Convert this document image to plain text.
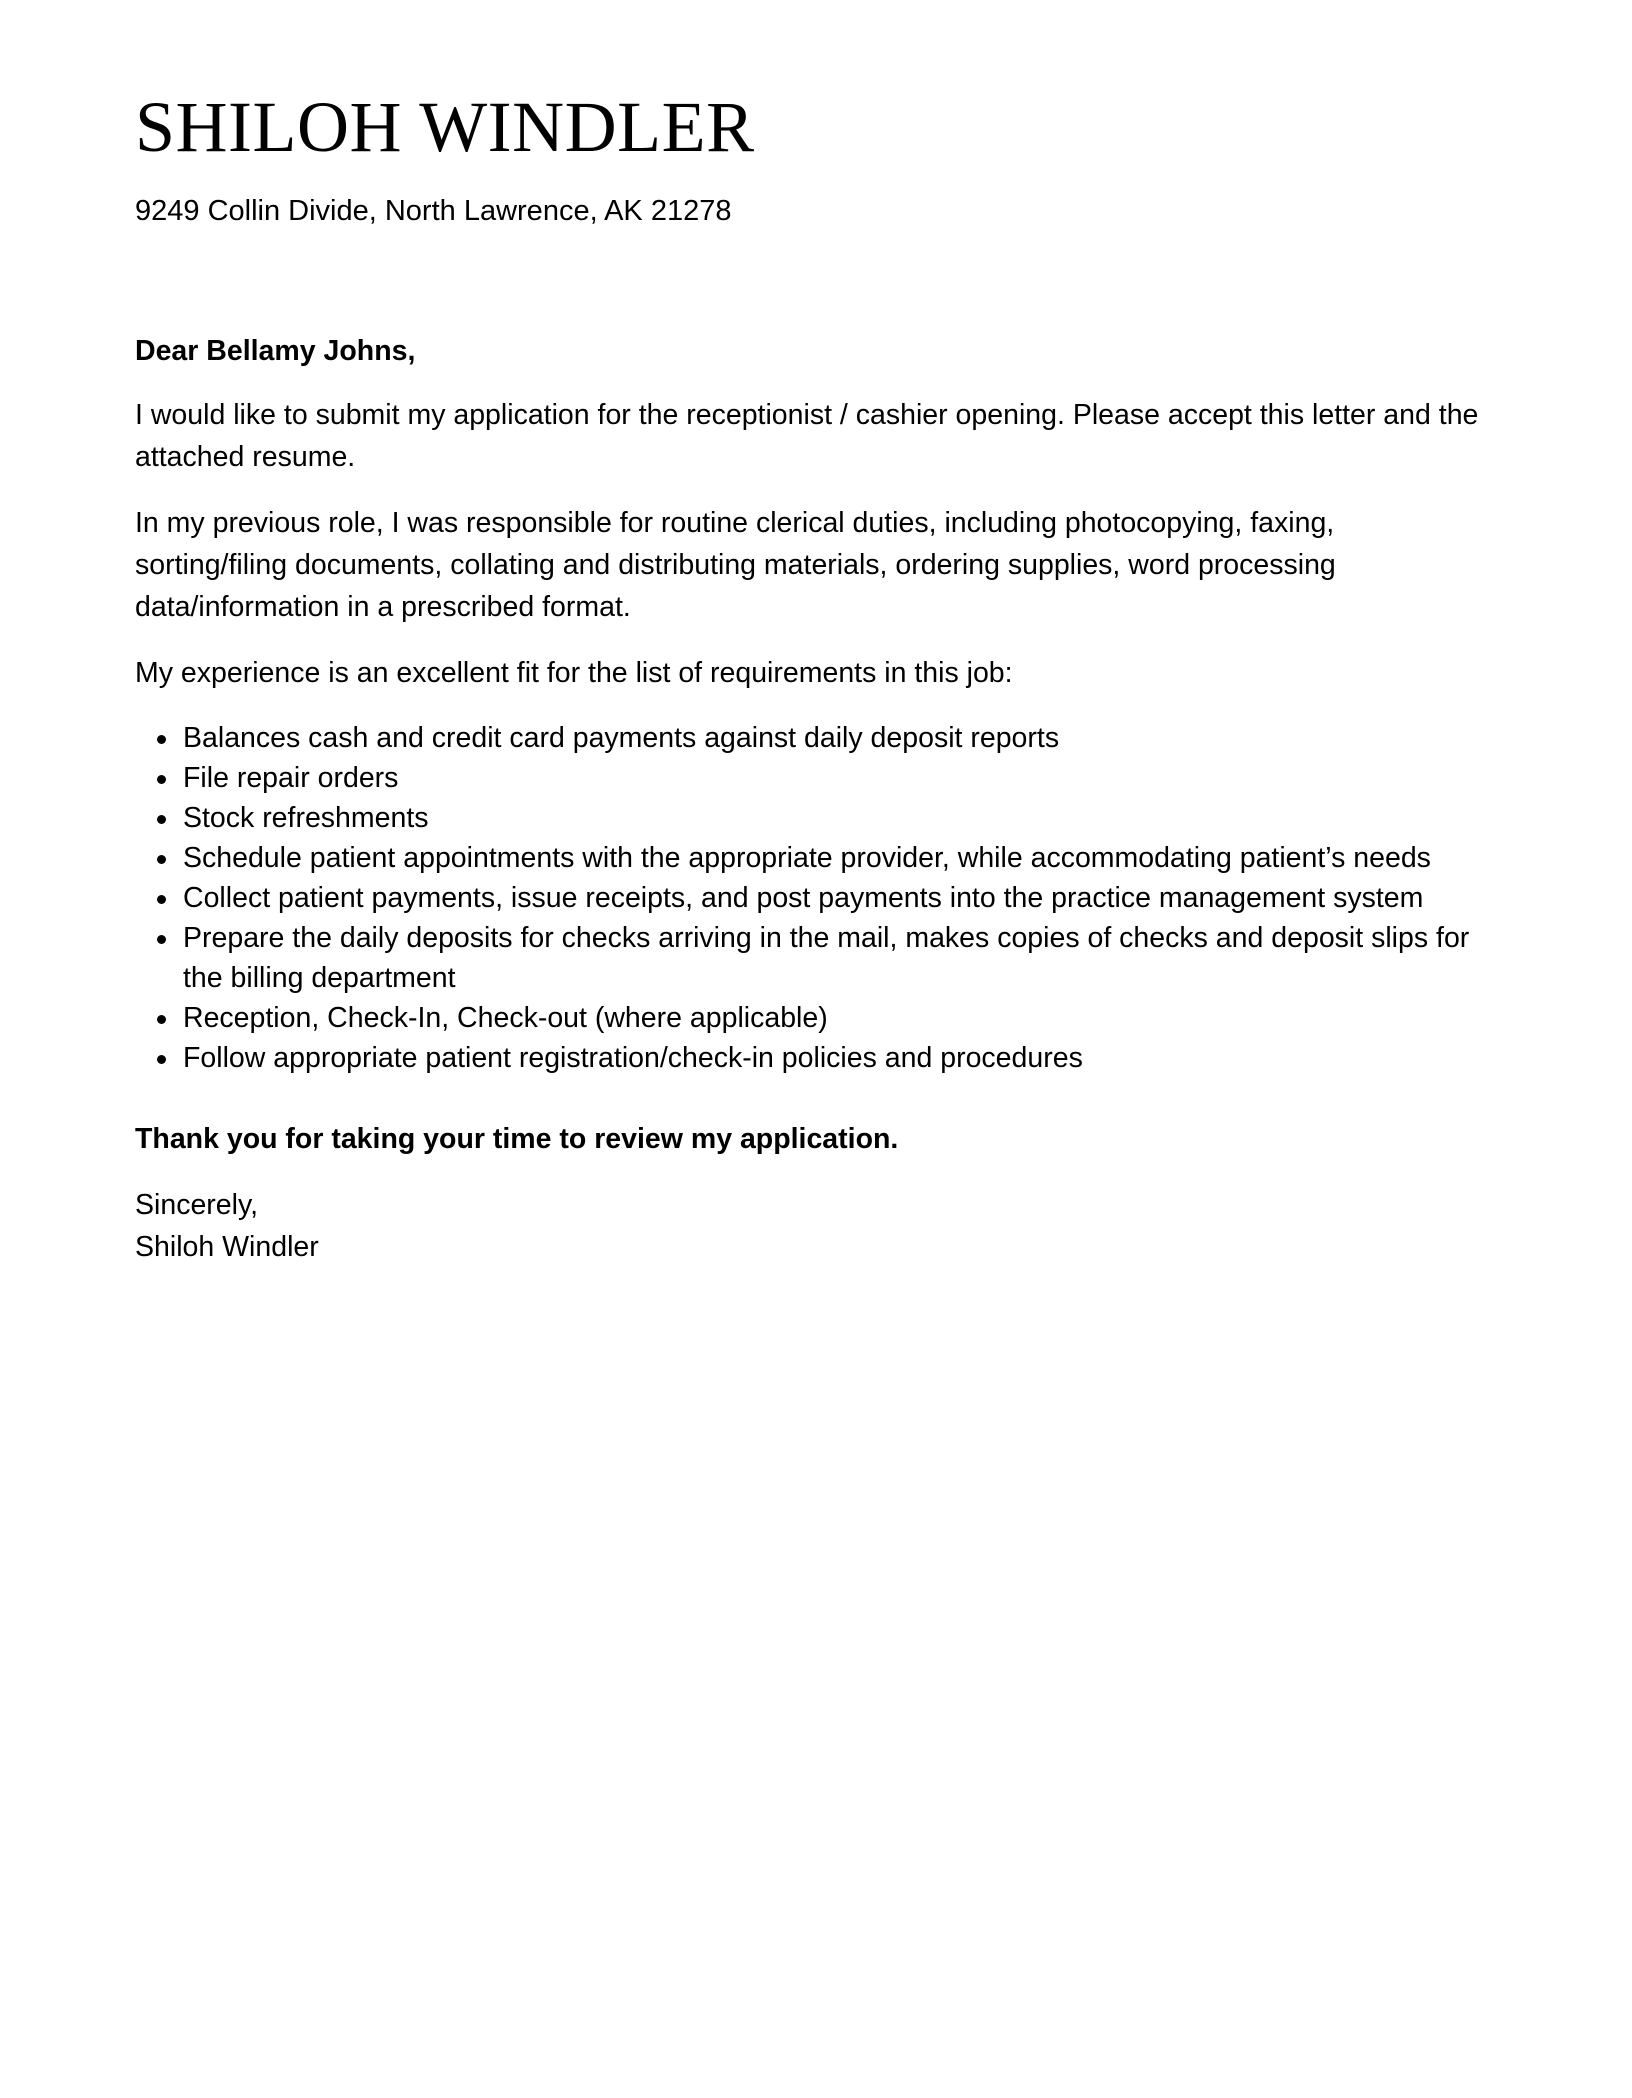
SHILOH WINDLER

9249 Collin Divide, North Lawrence, AK 21278

Dear Bellamy Johns,

I would like to submit my application for the receptionist / cashier opening. Please accept this letter and the attached resume.

In my previous role, I was responsible for routine clerical duties, including photocopying, faxing, sorting/filing documents, collating and distributing materials, ordering supplies, word processing data/information in a prescribed format.

My experience is an excellent fit for the list of requirements in this job:

Balances cash and credit card payments against daily deposit reports
File repair orders
Stock refreshments
Schedule patient appointments with the appropriate provider, while accommodating patient’s needs
Collect patient payments, issue receipts, and post payments into the practice management system
Prepare the daily deposits for checks arriving in the mail, makes copies of checks and deposit slips for the billing department
Reception, Check-In, Check-out (where applicable)
Follow appropriate patient registration/check-in policies and procedures

Thank you for taking your time to review my application.

Sincerely,

Shiloh Windler
